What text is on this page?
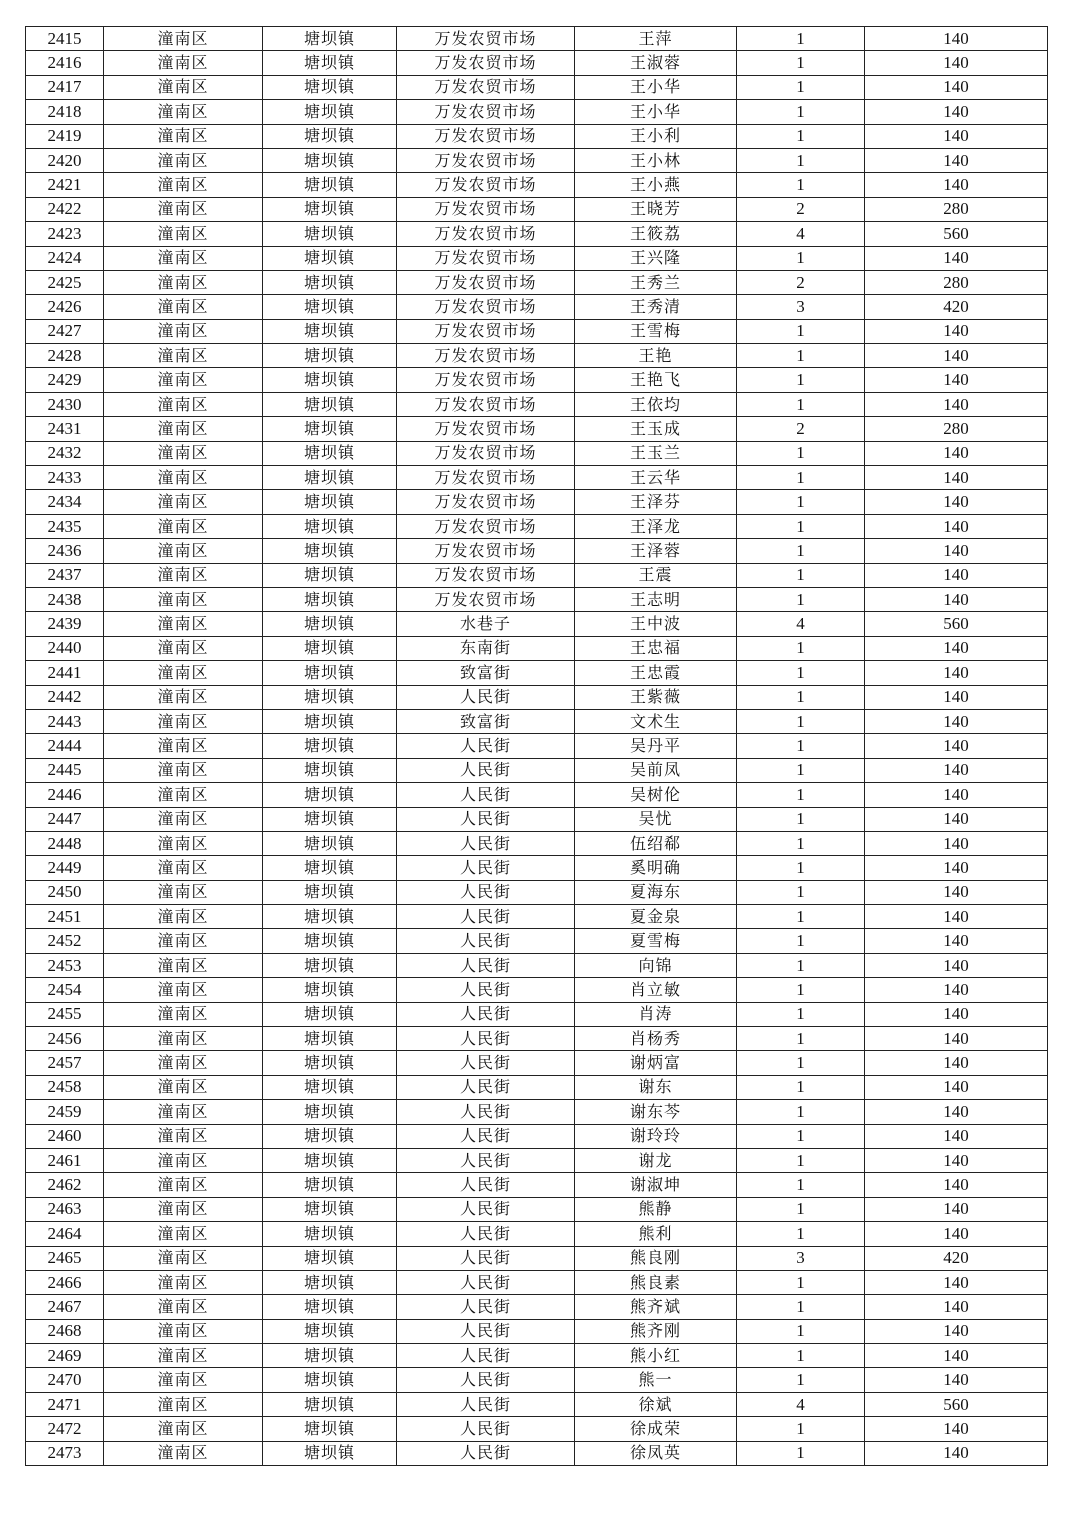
2415	潼南区	塘坝镇	万发农贸市场	王萍	1	140
2416	潼南区	塘坝镇	万发农贸市场	王淑蓉	1	140
2417	潼南区	塘坝镇	万发农贸市场	王小华	1	140
2418	潼南区	塘坝镇	万发农贸市场	王小华	1	140
2419	潼南区	塘坝镇	万发农贸市场	王小利	1	140
2420	潼南区	塘坝镇	万发农贸市场	王小林	1	140
2421	潼南区	塘坝镇	万发农贸市场	王小燕	1	140
2422	潼南区	塘坝镇	万发农贸市场	王晓芳	2	280
2423	潼南区	塘坝镇	万发农贸市场	王筱荔	4	560
2424	潼南区	塘坝镇	万发农贸市场	王兴隆	1	140
2425	潼南区	塘坝镇	万发农贸市场	王秀兰	2	280
2426	潼南区	塘坝镇	万发农贸市场	王秀清	3	420
2427	潼南区	塘坝镇	万发农贸市场	王雪梅	1	140
2428	潼南区	塘坝镇	万发农贸市场	王艳	1	140
2429	潼南区	塘坝镇	万发农贸市场	王艳飞	1	140
2430	潼南区	塘坝镇	万发农贸市场	王依均	1	140
2431	潼南区	塘坝镇	万发农贸市场	王玉成	2	280
2432	潼南区	塘坝镇	万发农贸市场	王玉兰	1	140
2433	潼南区	塘坝镇	万发农贸市场	王云华	1	140
2434	潼南区	塘坝镇	万发农贸市场	王泽芬	1	140
2435	潼南区	塘坝镇	万发农贸市场	王泽龙	1	140
2436	潼南区	塘坝镇	万发农贸市场	王泽蓉	1	140
2437	潼南区	塘坝镇	万发农贸市场	王震	1	140
2438	潼南区	塘坝镇	万发农贸市场	王志明	1	140
2439	潼南区	塘坝镇	水巷子	王中波	4	560
2440	潼南区	塘坝镇	东南街	王忠福	1	140
2441	潼南区	塘坝镇	致富街	王忠霞	1	140
2442	潼南区	塘坝镇	人民街	王紫薇	1	140
2443	潼南区	塘坝镇	致富街	文术生	1	140
2444	潼南区	塘坝镇	人民街	吴丹平	1	140
2445	潼南区	塘坝镇	人民街	吴前凤	1	140
2446	潼南区	塘坝镇	人民街	吴树伦	1	140
2447	潼南区	塘坝镇	人民街	吴忧	1	140
2448	潼南区	塘坝镇	人民街	伍绍郗	1	140
2449	潼南区	塘坝镇	人民街	奚明确	1	140
2450	潼南区	塘坝镇	人民街	夏海东	1	140
2451	潼南区	塘坝镇	人民街	夏金泉	1	140
2452	潼南区	塘坝镇	人民街	夏雪梅	1	140
2453	潼南区	塘坝镇	人民街	向锦	1	140
2454	潼南区	塘坝镇	人民街	肖立敏	1	140
2455	潼南区	塘坝镇	人民街	肖涛	1	140
2456	潼南区	塘坝镇	人民街	肖杨秀	1	140
2457	潼南区	塘坝镇	人民街	谢炳富	1	140
2458	潼南区	塘坝镇	人民街	谢东	1	140
2459	潼南区	塘坝镇	人民街	谢东芩	1	140
2460	潼南区	塘坝镇	人民街	谢玲玲	1	140
2461	潼南区	塘坝镇	人民街	谢龙	1	140
2462	潼南区	塘坝镇	人民街	谢淑坤	1	140
2463	潼南区	塘坝镇	人民街	熊静	1	140
2464	潼南区	塘坝镇	人民街	熊利	1	140
2465	潼南区	塘坝镇	人民街	熊良刚	3	420
2466	潼南区	塘坝镇	人民街	熊良素	1	140
2467	潼南区	塘坝镇	人民街	熊齐斌	1	140
2468	潼南区	塘坝镇	人民街	熊齐刚	1	140
2469	潼南区	塘坝镇	人民街	熊小红	1	140
2470	潼南区	塘坝镇	人民街	熊一	1	140
2471	潼南区	塘坝镇	人民街	徐斌	4	560
2472	潼南区	塘坝镇	人民街	徐成荣	1	140
2473	潼南区	塘坝镇	人民街	徐凤英	1	140
